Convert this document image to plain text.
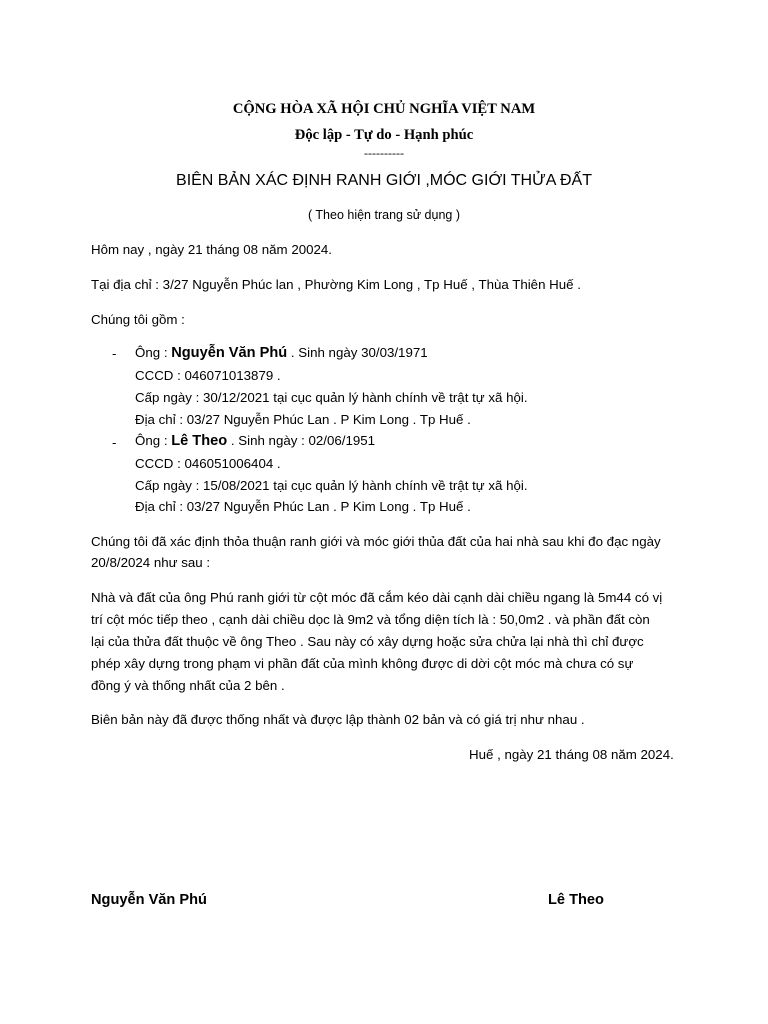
CỘNG HÒA XÃ HỘI CHỦ NGHĨA VIỆT NAM
Độc lập - Tự do - Hạnh phúc
----------
BIÊN BẢN XÁC ĐỊNH RANH GIỚI ,MÓC GIỚI THỬA ĐẤT
( Theo hiện trang sử dụng )
Hôm nay , ngày 21 tháng 08 năm 20024.
Tại địa chỉ : 3/27 Nguyễn Phúc lan , Phường Kim Long , Tp Huế , Thùa Thiên Huế .
Chúng tôi gồm :
- Ông : Nguyễn Văn Phú . Sinh ngày 30/03/1971
CCCD : 046071013879 .
Cấp ngày : 30/12/2021 tại cục quản lý hành chính về trật tự xã hội.
Địa chỉ : 03/27 Nguyễn Phúc Lan . P Kim Long . Tp Huế .
- Ông : Lê Theo . Sinh ngày : 02/06/1951
CCCD : 046051006404 .
Cấp ngày : 15/08/2021 tại cục quản lý hành chính về trật tự xã hội.
Địa chỉ : 03/27 Nguyễn Phúc Lan . P Kim Long . Tp Huế .
Chúng tôi đã xác định thỏa thuận ranh giới và móc giới thủa đất của hai nhà sau khi đo đạc ngày
20/8/2024 như sau :
Nhà và đất của ông Phú ranh giới từ cột móc đã cắm kéo dài cạnh dài chiều ngang là 5m44 có vị
trí cột móc tiếp theo , cạnh dài chiều dọc là 9m2 và tổng diện tích là : 50,0m2 . và phần đất còn
lại của thửa đất thuộc về ông Theo . Sau này có xây dựng hoặc sửa chửa lại nhà thì chỉ được
phép xây dựng trong phạm vi phần đất của mình không được di dời cột móc mà chưa có sự
đồng ý và thống nhất của 2 bên .
Biên bản này đã được thống nhất và được lập thành 02 bản và có giá trị như nhau .
Huế , ngày 21 tháng 08 năm 2024.
Nguyễn Văn Phú	Lê Theo
